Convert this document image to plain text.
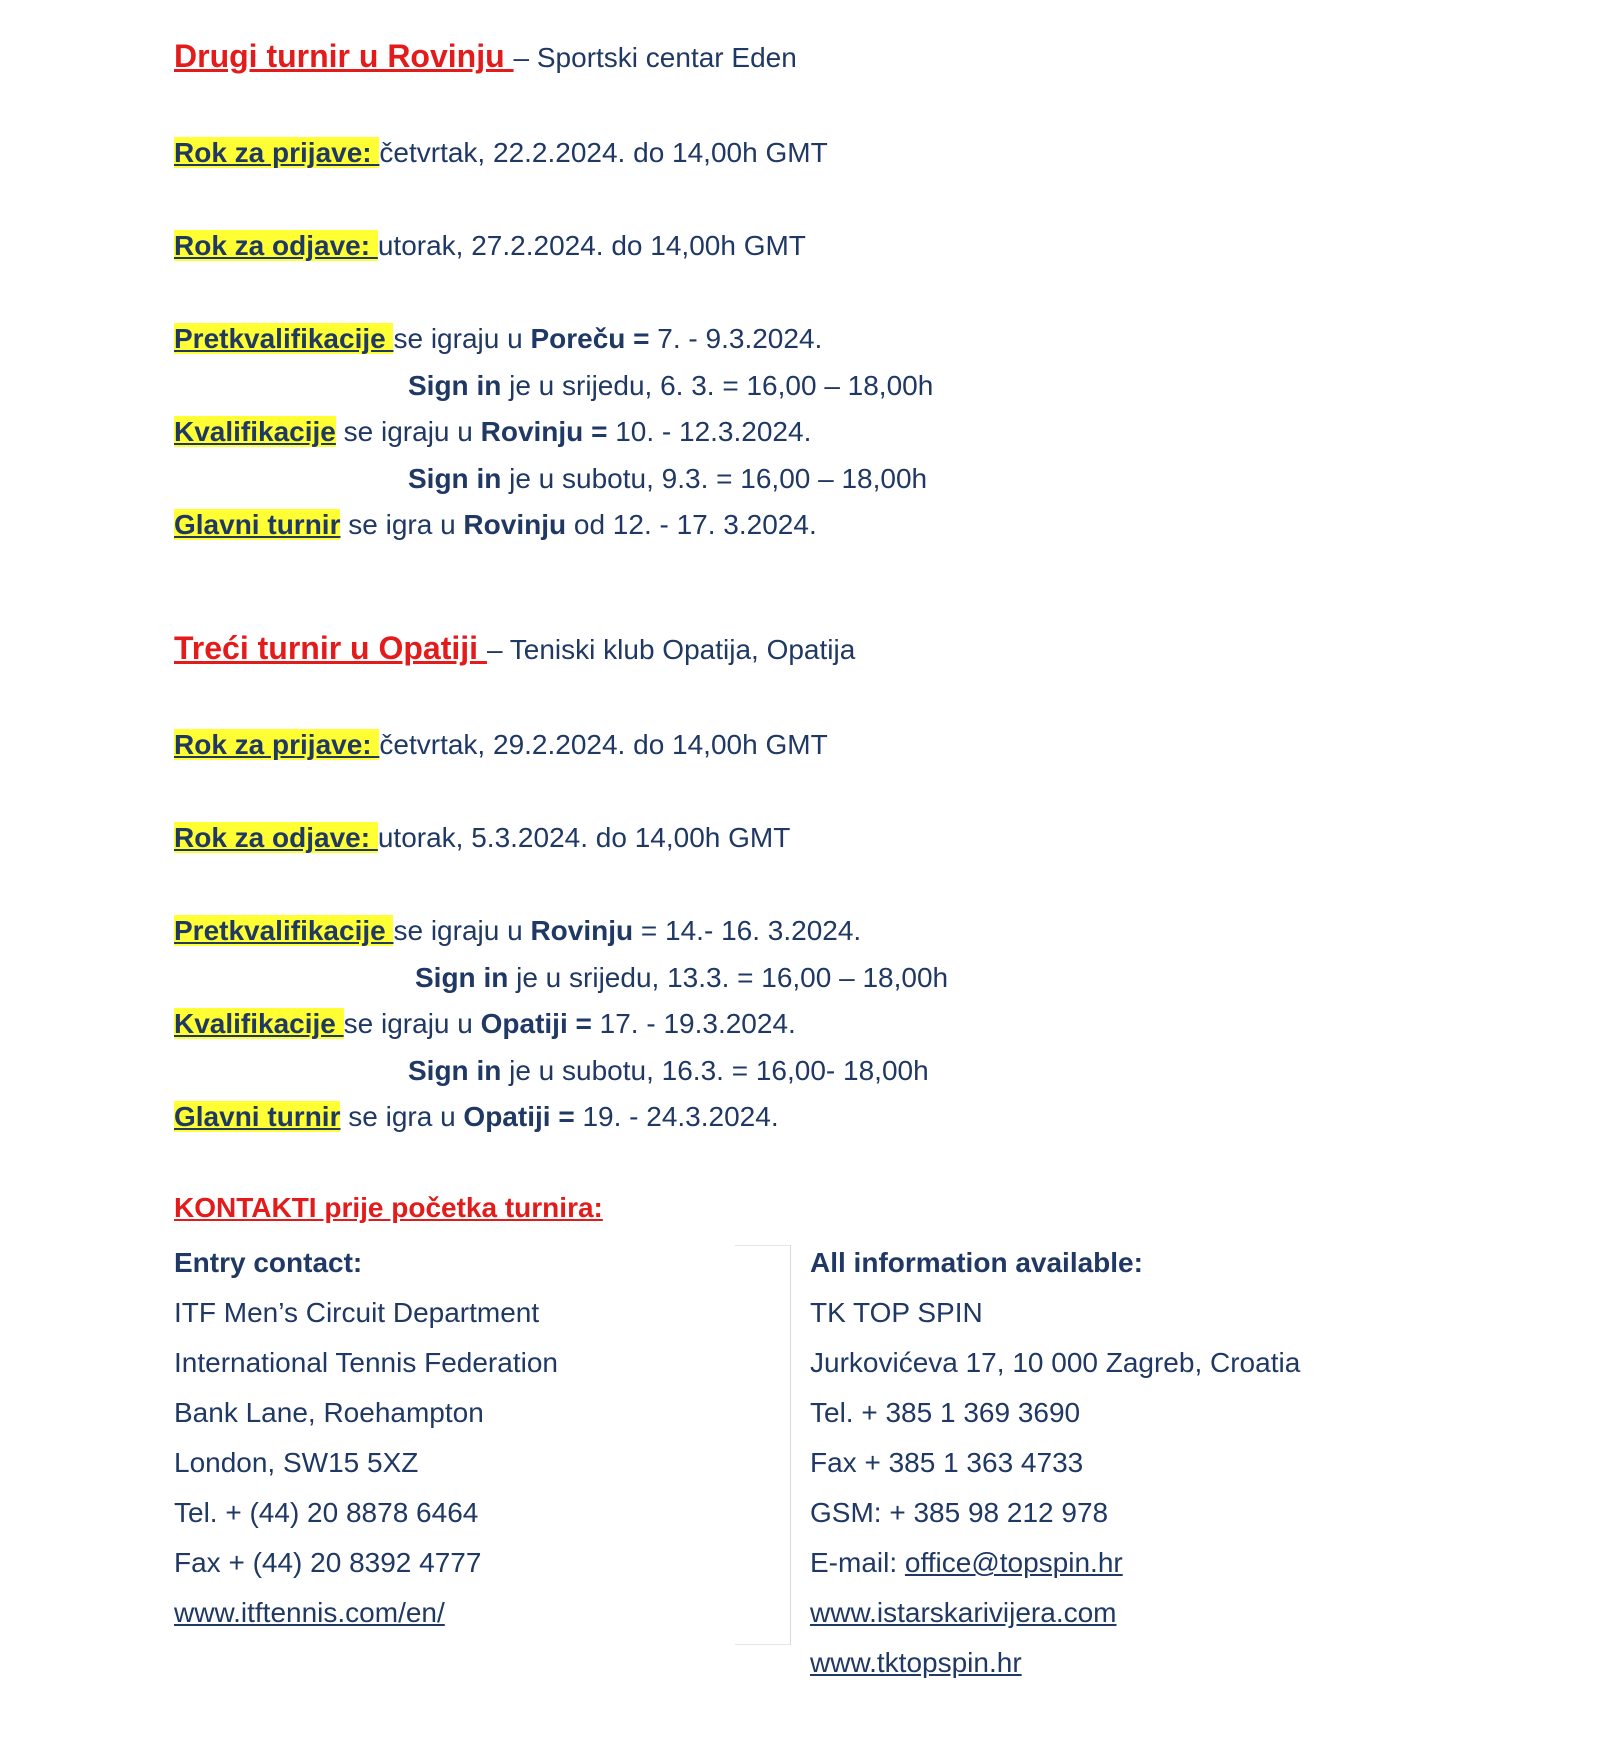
Drugi turnir u Rovinju – Sportski centar Eden
Rok za prijave: četvrtak, 22.2.2024. do 14,00h GMT
Rok za odjave: utorak, 27.2.2024. do 14,00h GMT
Pretkvalifikacije se igraju u Poreču = 7. - 9.3.2024.
Sign in je u srijedu, 6. 3. = 16,00 – 18,00h
Kvalifikacije se igraju u Rovinju = 10. - 12.3.2024.
Sign in je u subotu, 9.3. = 16,00 – 18,00h
Glavni turnir se igra u Rovinju od 12. - 17. 3.2024.
Treći turnir u Opatiji – Teniski klub Opatija, Opatija
Rok za prijave: četvrtak, 29.2.2024. do 14,00h GMT
Rok za odjave: utorak, 5.3.2024. do 14,00h GMT
Pretkvalifikacije se igraju u Rovinju = 14.- 16. 3.2024.
Sign in je u srijedu, 13.3. = 16,00 – 18,00h
Kvalifikacije se igraju u Opatiji = 17. - 19.3.2024.
Sign in je u subotu, 16.3. = 16,00- 18,00h
Glavni turnir se igra u Opatiji = 19. - 24.3.2024.
KONTAKTI prije početka turnira:
Entry contact:
ITF Men’s Circuit Department
International Tennis Federation
Bank Lane, Roehampton
London, SW15 5XZ
Tel. + (44) 20 8878 6464
Fax + (44) 20 8392 4777
www.itftennis.com/en/
All information available:
TK TOP SPIN
Jurkovićeva 17, 10 000 Zagreb, Croatia
Tel. + 385 1 369 3690
Fax + 385 1 363 4733
GSM: + 385 98 212 978
E-mail: office@topspin.hr
www.istarskarivijera.com
www.tktopspin.hr
